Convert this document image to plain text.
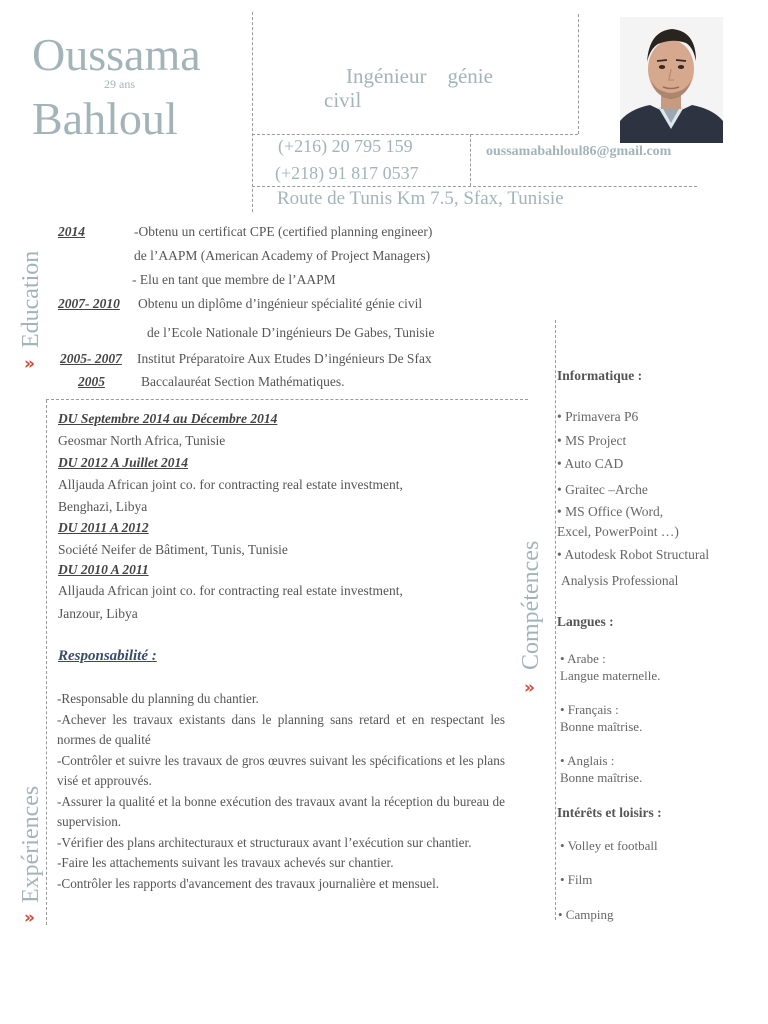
Oussama
29 ans
Bahloul
Ingénieur    génie
civil
(+216) 20 795 159
(+218) 91 817 0537
oussamabahloul86@gmail.com
Route de Tunis Km 7.5, Sfax, Tunisie
Education
»
Expériences
»
Compétences
»
2014	-Obtenu un certificat CPE (certified planning engineer)
de l’AAPM (American Academy of Project Managers)
- Elu en tant que membre de l’AAPM
2007- 2010 Obtenu un diplôme d’ingénieur spécialité génie civil
de l’Ecole Nationale D’ingénieurs De Gabes, Tunisie
2005- 2007 Institut Préparatoire Aux Etudes D’ingénieurs De Sfax
2005	Baccalauréat Section Mathématiques.
DU Septembre 2014 au Décembre 2014
Geosmar North Africa, Tunisie
DU 2012 A Juillet 2014
Alljauda African joint co. for contracting real estate investment,
Benghazi, Libya
DU 2011 A 2012
Société Neifer de Bâtiment, Tunis, Tunisie
DU 2010 A 2011
Alljauda African joint co. for contracting real estate investment,
Janzour, Libya
Responsabilité :
-Responsable du planning du chantier.
-Achever les travaux existants dans le planning sans retard et en respectant les normes de qualité
-Contrôler et suivre les travaux de gros œuvres suivant les spécifications et les plans visé et approuvés.
-Assurer la qualité et la bonne exécution des travaux avant la réception du bureau de supervision.
-Vérifier des plans architecturaux et structuraux avant l’exécution sur chantier.
-Faire les attachements suivant les travaux achevés sur chantier.
-Contrôler les rapports d'avancement des travaux journalière et mensuel.
Informatique :
• Primavera P6
• MS Project
• Auto CAD
• Graitec –Arche
• MS Office (Word,
Excel, PowerPoint …)
• Autodesk Robot Structural
Analysis Professional
Langues :
• Arabe :
Langue maternelle.
• Français :
Bonne maîtrise.
• Anglais :
Bonne maîtrise.
Intérêts et loisirs :
• Volley et football
• Film
• Camping
